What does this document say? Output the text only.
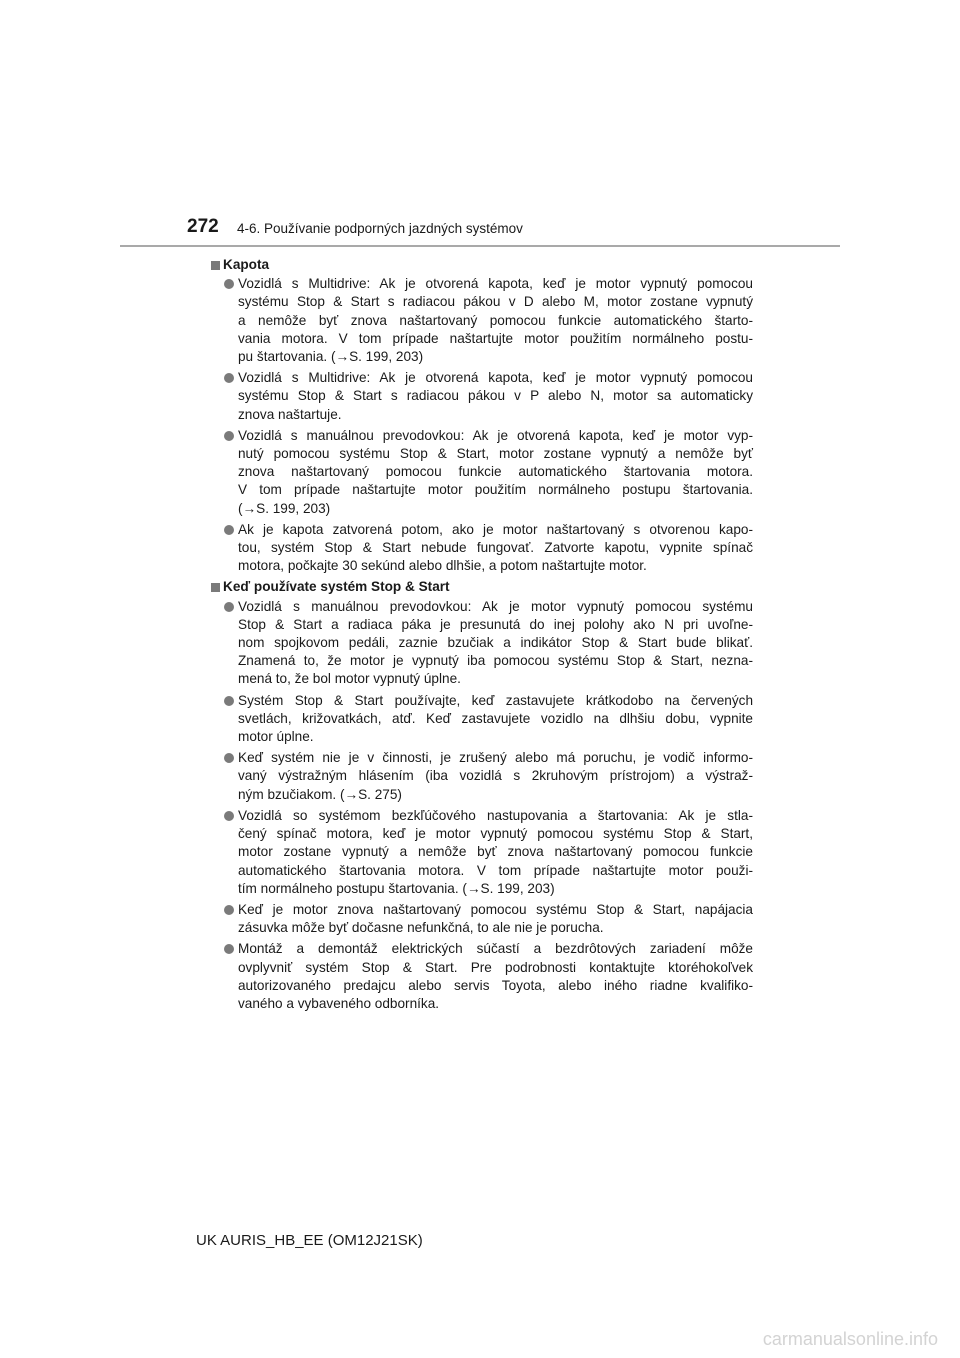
272 4-6. Používanie podporných jazdných systémov
Kapota
Vozidlá s Multidrive: Ak je otvorená kapota, keď je motor vypnutý pomocou
systému Stop & Start s radiacou pákou v D alebo M, motor zostane vypnutý
a nemôže byť znova naštartovaný pomocou funkcie automatického štarto-
vania motora. V tom prípade naštartujte motor použitím normálneho postu-
pu štartovania. (→S. 199, 203)
Vozidlá s Multidrive: Ak je otvorená kapota, keď je motor vypnutý pomocou
systému Stop & Start s radiacou pákou v P alebo N, motor sa automaticky
znova naštartuje.
Vozidlá s manuálnou prevodovkou: Ak je otvorená kapota, keď je motor vyp-
nutý pomocou systému Stop & Start, motor zostane vypnutý a nemôže byť
znova naštartovaný pomocou funkcie automatického štartovania motora.
V tom prípade naštartujte motor použitím normálneho postupu štartovania.
(→S. 199, 203)
Ak je kapota zatvorená potom, ako je motor naštartovaný s otvorenou kapo-
tou, systém Stop & Start nebude fungovať. Zatvorte kapotu, vypnite spínač
motora, počkajte 30 sekúnd alebo dlhšie, a potom naštartujte motor.
Keď používate systém Stop & Start
Vozidlá s manuálnou prevodovkou: Ak je motor vypnutý pomocou systému
Stop & Start a radiaca páka je presunutá do inej polohy ako N pri uvoľne-
nom spojkovom pedáli, zaznie bzučiak a indikátor Stop & Start bude blikať.
Znamená to, že motor je vypnutý iba pomocou systému Stop & Start, nezna-
mená to, že bol motor vypnutý úplne.
Systém Stop & Start používajte, keď zastavujete krátkodobo na červených
svetlách, križovatkách, atď. Keď zastavujete vozidlo na dlhšiu dobu, vypnite
motor úplne.
Keď systém nie je v činnosti, je zrušený alebo má poruchu, je vodič informo-
vaný výstražným hlásením (iba vozidlá s 2kruhovým prístrojom) a výstraž-
ným bzučiakom. (→S. 275)
Vozidlá so systémom bezkľúčového nastupovania a štartovania: Ak je stla-
čený spínač motora, keď je motor vypnutý pomocou systému Stop & Start,
motor zostane vypnutý a nemôže byť znova naštartovaný pomocou funkcie
automatického štartovania motora. V tom prípade naštartujte motor použi-
tím normálneho postupu štartovania. (→S. 199, 203)
Keď je motor znova naštartovaný pomocou systému Stop & Start, napájacia
zásuvka môže byť dočasne nefunkčná, to ale nie je porucha.
Montáž a demontáž elektrických súčastí a bezdrôtových zariadení môže
ovplyvniť systém Stop & Start. Pre podrobnosti kontaktujte ktoréhokoľvek
autorizovaného predajcu alebo servis Toyota, alebo iného riadne kvalifiko-
vaného a vybaveného odborníka.
UK AURIS_HB_EE (OM12J21SK)
carmanualsonline.info
